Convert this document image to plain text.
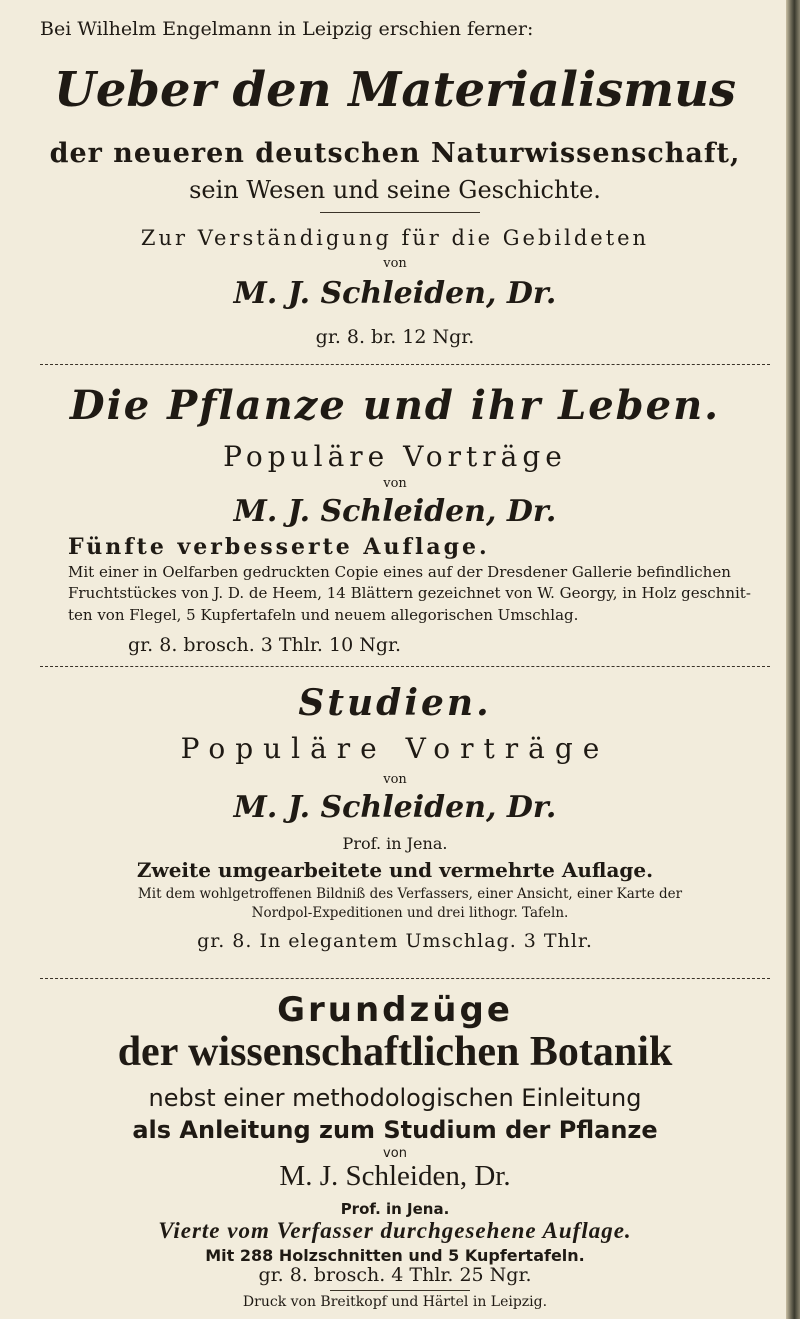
Bei Wilhelm Engelmann in Leipzig erschien ferner:
Ueber den Materialismus
der neueren deutschen Naturwissenschaft,
sein Wesen und seine Geschichte.
Zur Verständigung für die Gebildeten
von
M. J. Schleiden, Dr.
gr. 8. br. 12 Ngr.
Die Pflanze und ihr Leben.
Populäre Vorträge
von
M. J. Schleiden, Dr.
Fünfte verbesserte Auflage.
Mit einer in Oelfarben gedruckten Copie eines auf der Dresdener Gallerie befindlichen
Fruchtstückes von J. D. de Heem, 14 Blättern gezeichnet von W. Georgy, in Holz geschnit-
ten von Flegel, 5 Kupfertafeln und neuem allegorischen Umschlag.
gr. 8. brosch. 3 Thlr. 10 Ngr.
Studien.
Populäre Vorträge
von
M. J. Schleiden, Dr.
Prof. in Jena.
Zweite umgearbeitete und vermehrte Auflage.
Mit dem wohlgetroffenen Bildniß des Verfassers, einer Ansicht, einer Karte der
Nordpol-Expeditionen und drei lithogr. Tafeln.
gr. 8. In elegantem Umschlag. 3 Thlr.
Grundzüge
der wissenschaftlichen Botanik
nebst einer methodologischen Einleitung
als Anleitung zum Studium der Pflanze
von
M. J. Schleiden, Dr.
Prof. in Jena.
Vierte vom Verfasser durchgesehene Auflage.
Mit 288 Holzschnitten und 5 Kupfertafeln.
gr. 8. brosch. 4 Thlr. 25 Ngr.
Druck von Breitkopf und Härtel in Leipzig.
